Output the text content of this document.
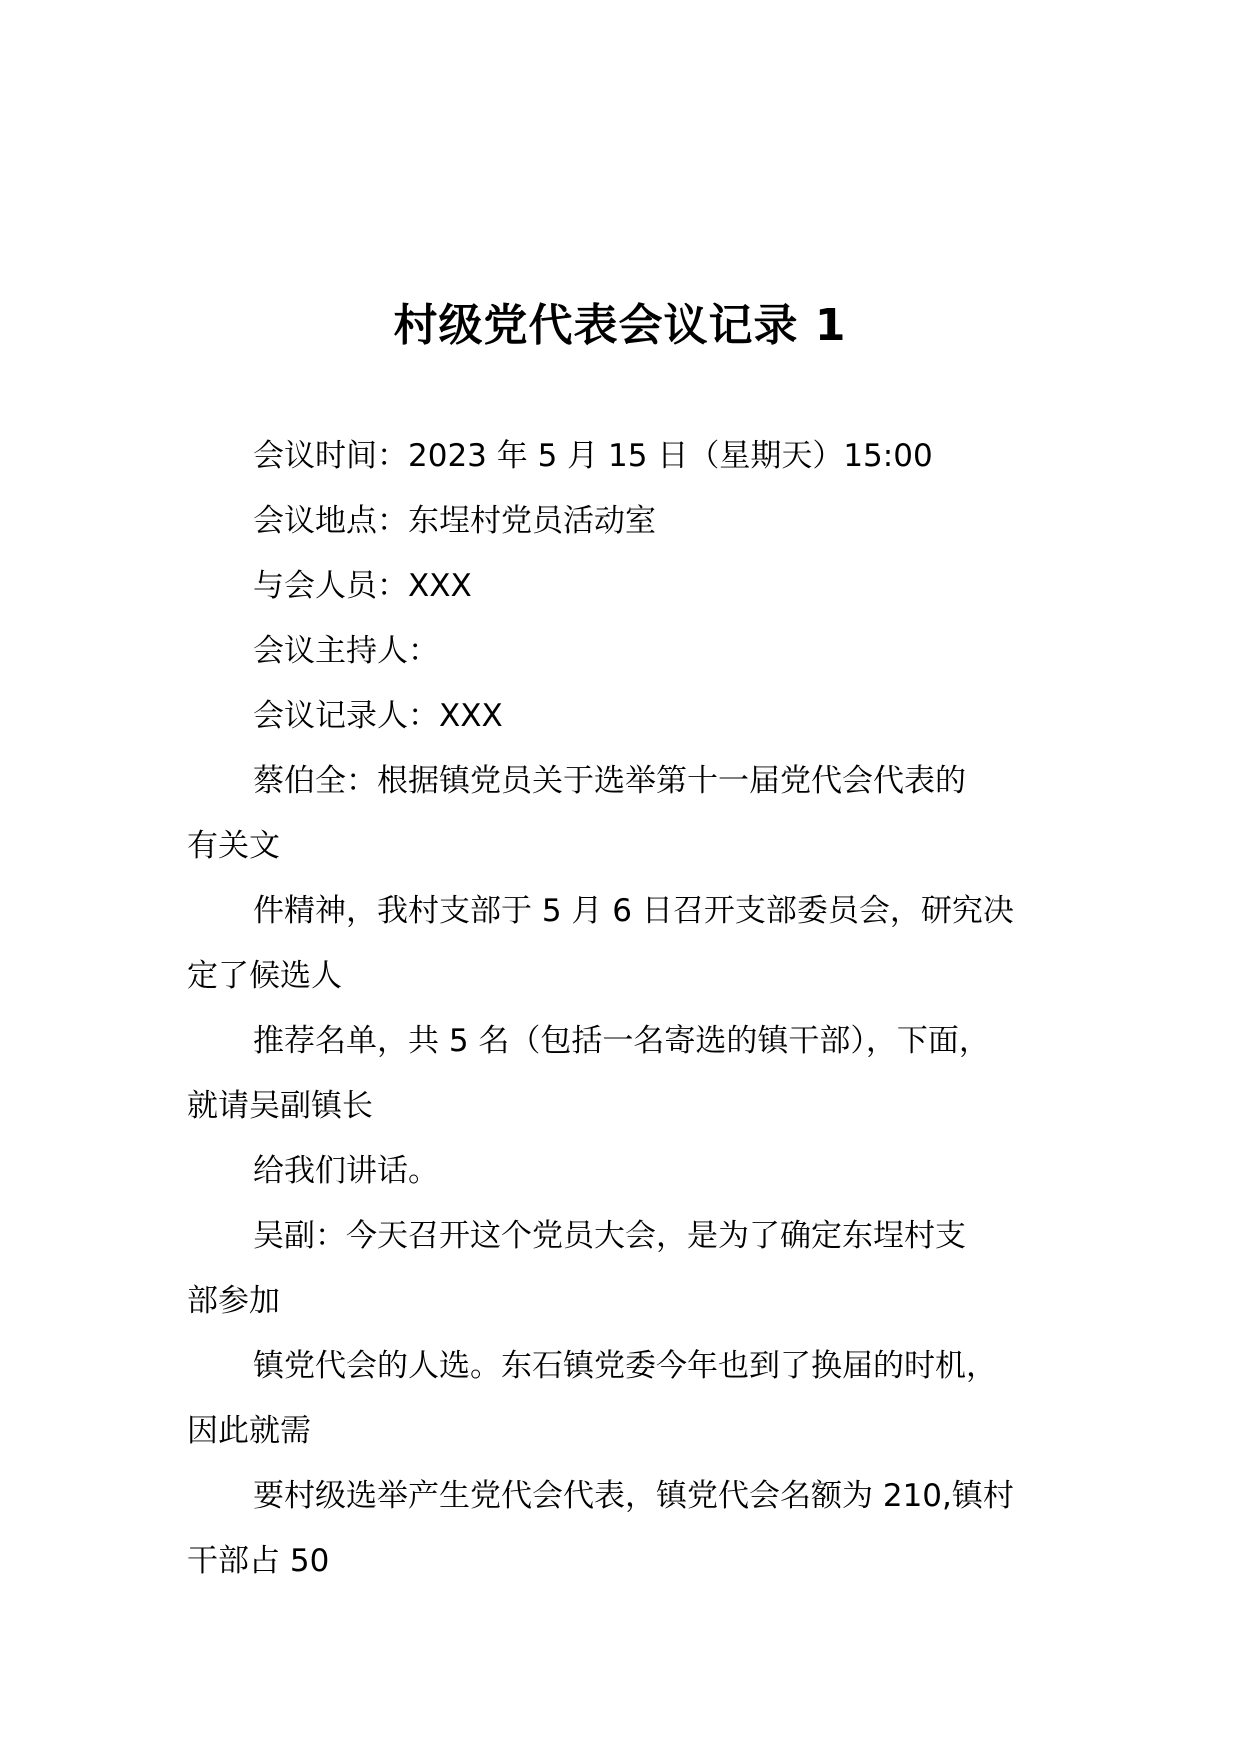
村级党代表会议记录 1
会议时间：2023 年 5 月 15 日（星期天）15:00
会议地点：东埕村党员活动室
与会人员：XXX
会议主持人：
会议记录人：XXX
蔡伯全：根据镇党员关于选举第十一届党代会代表的
有关文
件精神，我村支部于 5 月 6 日召开支部委员会，研究决
定了候选人
推荐名单，共 5 名（包括一名寄选的镇干部），下面，
就请吴副镇长
给我们讲话。
吴副：今天召开这个党员大会，是为了确定东埕村支
部参加
镇党代会的人选。东石镇党委今年也到了换届的时机，
因此就需
要村级选举产生党代会代表，镇党代会名额为 210,镇村
干部占 50
